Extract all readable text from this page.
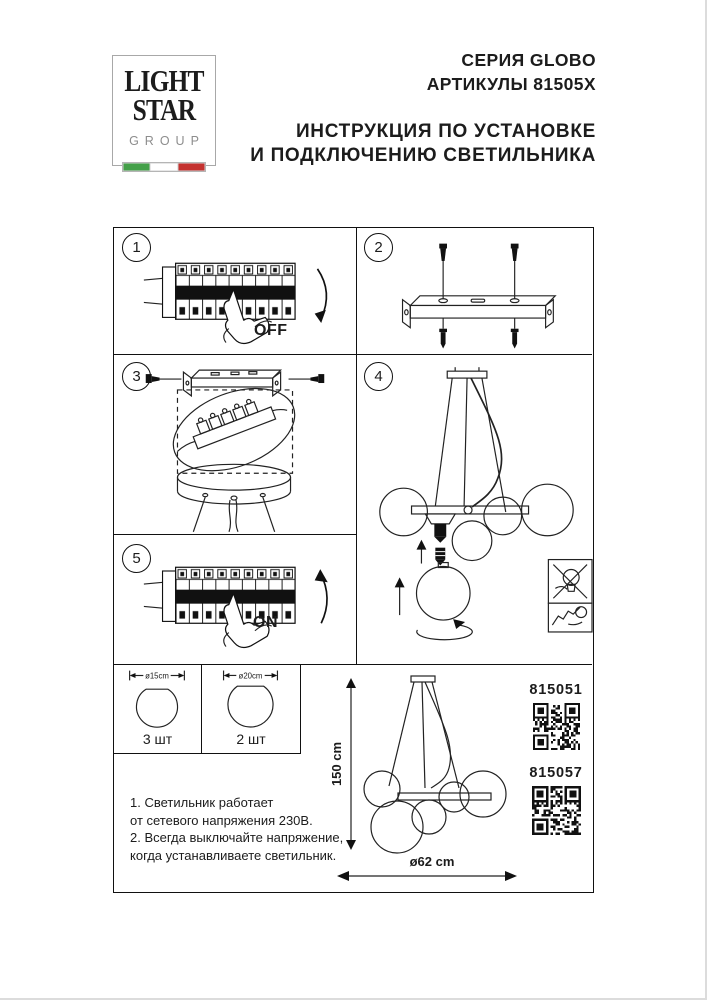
LIGHT
STAR
GROUP
СЕРИЯ GLOBO
АРТИКУЛЫ 81505X
ИНСТРУКЦИЯ ПО УСТАНОВКЕ
И ПОДКЛЮЧЕНИЮ СВЕТИЛЬНИКА
1	2
3	4
5
OFF
ON
ø15cm
3 шт
ø20cm
2 шт
1. Светильник работает
от сетевого напряжения 230В.
2. Всегда выключайте напряжение,
когда устанавливаете светильник.
150 cm
ø62 cm
815051
815057
